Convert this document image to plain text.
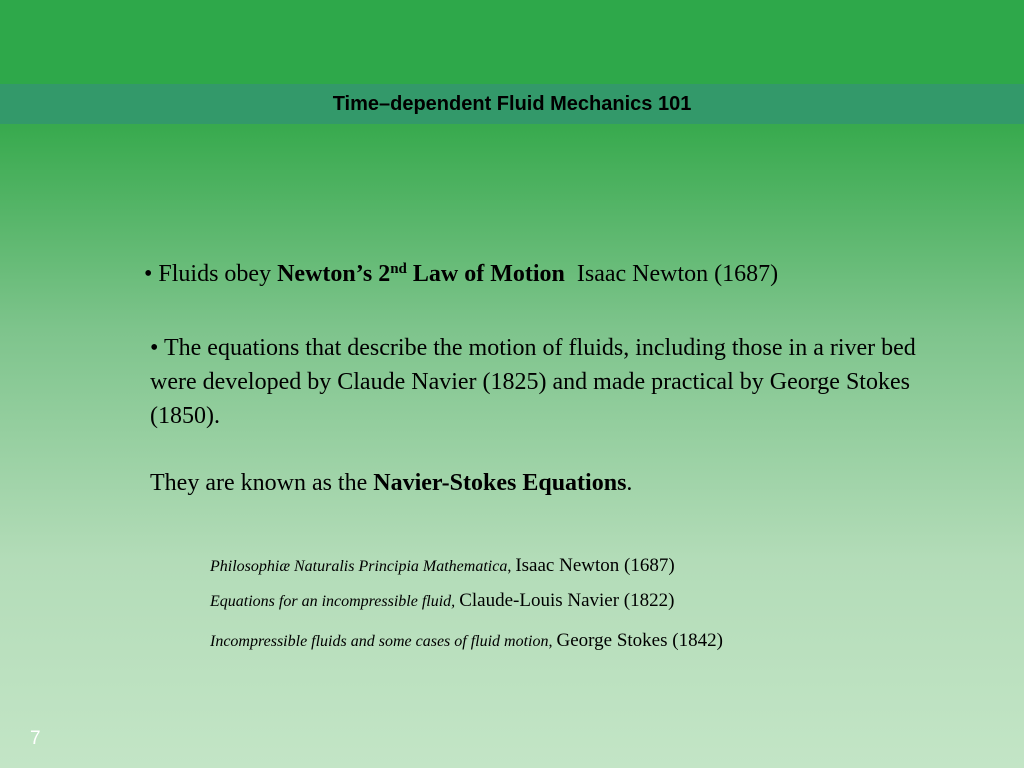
Time–dependent Fluid Mechanics 101
• Fluids obey Newton’s 2nd Law of Motion Isaac Newton (1687)
• The equations that describe the motion of fluids, including those in a river bed were developed by Claude Navier (1825) and made practical by George Stokes (1850).
They are known as the Navier-Stokes Equations.
Philosophiæ Naturalis Principia Mathematica, Isaac Newton (1687)
Equations for an incompressible fluid, Claude-Louis Navier (1822)
Incompressible fluids and some cases of fluid motion, George Stokes (1842)
7
